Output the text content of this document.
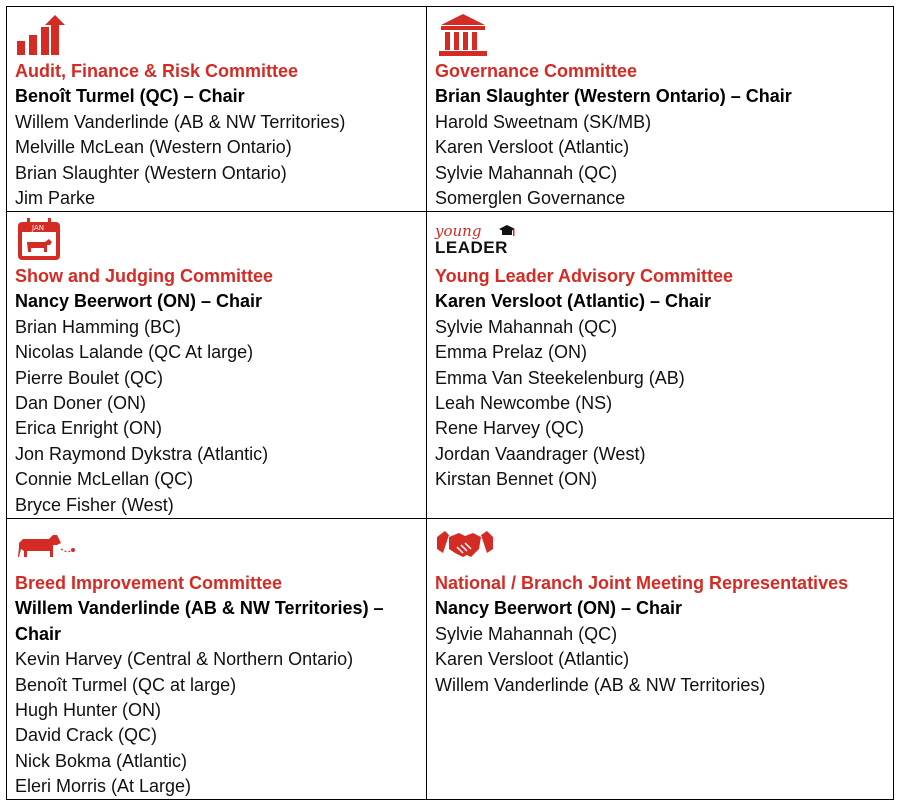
Audit, Finance & Risk Committee
Benoît Turmel (QC) – Chair
Willem Vanderlinde (AB & NW Territories)
Melville McLean (Western Ontario)
Brian Slaughter (Western Ontario)
Jim Parke
Governance Committee
Brian Slaughter (Western Ontario) – Chair
Harold Sweetnam (SK/MB)
Karen Versloot (Atlantic)
Sylvie Mahannah (QC)
Somerglen Governance
JAN
Show and Judging Committee
Nancy Beerwort (ON) – Chair
Brian Hamming (BC)
Nicolas Lalande (QC At large)
Pierre Boulet (QC)
Dan Doner (ON)
Erica Enright (ON)
Jon Raymond Dykstra (Atlantic)
Connie McLellan (QC)
Bryce Fisher (West)
young
LEADER
Young Leader Advisory Committee
Karen Versloot (Atlantic) – Chair
Sylvie Mahannah (QC)
Emma Prelaz (ON)
Emma Van Steekelenburg (AB)
Leah Newcombe (NS)
Rene Harvey (QC)
Jordan Vaandrager (West)
Kirstan Bennet (ON)
Breed Improvement Committee
Willem Vanderlinde (AB & NW Territories) – Chair
Kevin Harvey (Central & Northern Ontario)
Benoît Turmel (QC at large)
Hugh Hunter (ON)
David Crack (QC)
Nick Bokma (Atlantic)
Eleri Morris (At Large)
National / Branch Joint Meeting Representatives
Nancy Beerwort (ON) – Chair
Sylvie Mahannah (QC)
Karen Versloot (Atlantic)
Willem Vanderlinde (AB & NW Territories)
